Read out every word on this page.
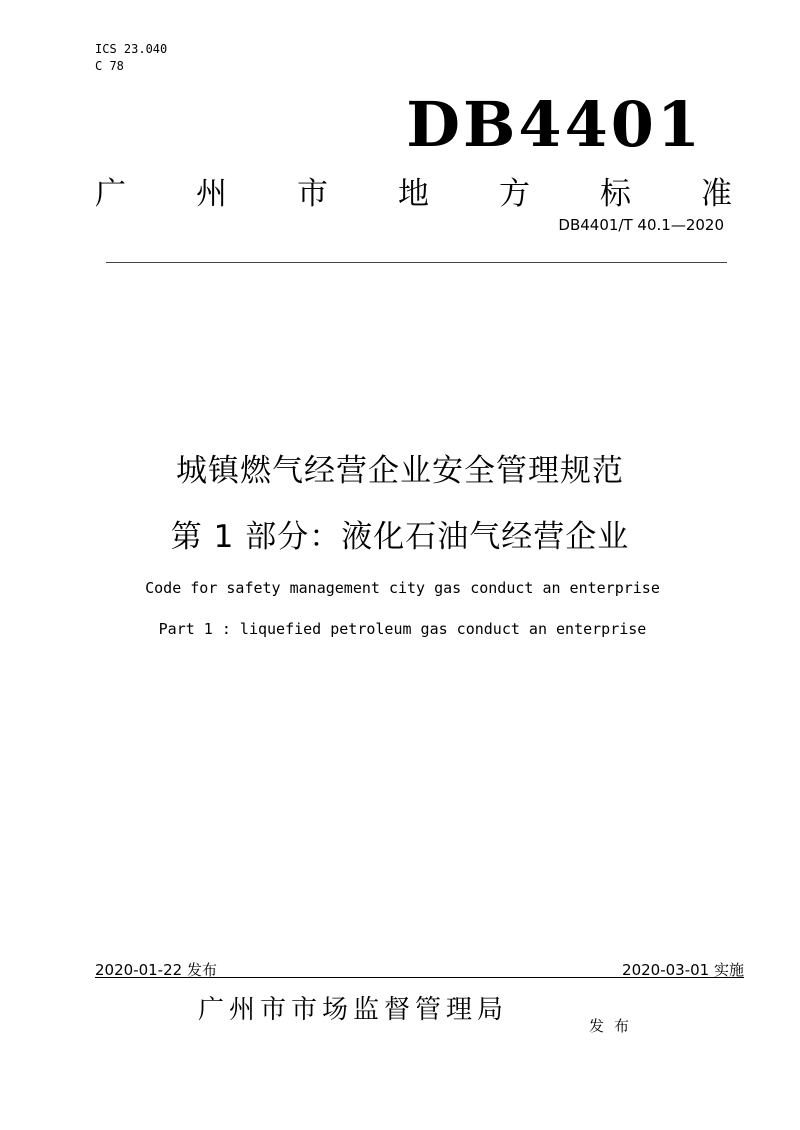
ICS 23.040
C 78
DB4401
广 州 市 地 方 标 准
DB4401/T 40.1—2020
城镇燃气经营企业安全管理规范
第 1 部分：液化石油气经营企业
Code for safety management city gas conduct an enterprise
Part 1 : liquefied petroleum gas conduct an enterprise
2020-01-22 发布	2020-03-01 实施
广州市市场监督管理局
发布
